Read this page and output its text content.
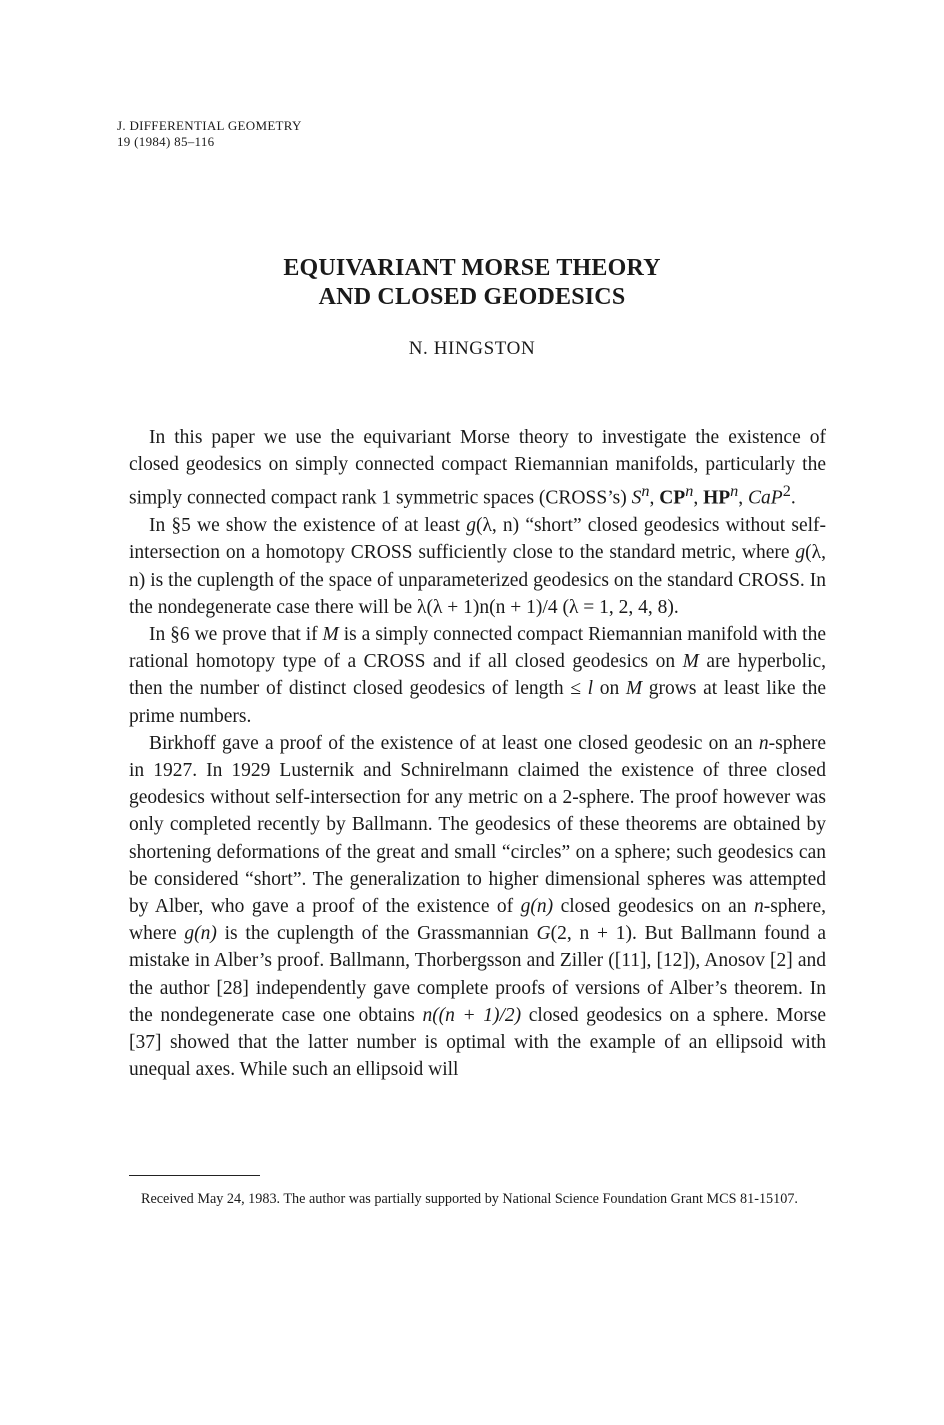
J. DIFFERENTIAL GEOMETRY
19 (1984) 85–116
EQUIVARIANT MORSE THEORY
AND CLOSED GEODESICS
N. HINGSTON

In this paper we use the equivariant Morse theory to investigate the existence of closed geodesics on simply connected compact Riemannian manifolds, particularly the simply connected compact rank 1 symmetric spaces (CROSS’s) $S^n$, $CP^n$, $HP^n$, CaP$^2$.

In §5 we show the existence of at least g(λ, n) “short” closed geodesics without self-intersection on a homotopy CROSS sufficiently close to the standard metric, where g(λ, n) is the cuplength of the space of unparameterized geodesics on the standard CROSS. In the nondegenerate case there will be λ(λ + 1)n(n + 1)/4 (λ = 1, 2, 4, 8).

In §6 we prove that if M is a simply connected compact Riemannian manifold with the rational homotopy type of a CROSS and if all closed geodesics on M are hyperbolic, then the number of distinct closed geodesics of length ≤ l on M grows at least like the prime numbers.

Birkhoff gave a proof of the existence of at least one closed geodesic on an n-sphere in 1927. In 1929 Lusternik and Schnirelmann claimed the existence of three closed geodesics without self-intersection for any metric on a 2-sphere. The proof however was only completed recently by Ballmann. The geodesics of these theorems are obtained by shortening deformations of the great and small “circles” on a sphere; such geodesics can be considered “short”. The generalization to higher dimensional spheres was attempted by Alber, who gave a proof of the existence of g(n) closed geodesics on an n-sphere, where g(n) is the cuplength of the Grassmannian G(2, n + 1). But Ballmann found a mistake in Alber’s proof. Ballmann, Thorbergsson and Ziller ([11], [12]), Anosov [2] and the author [28] independently gave complete proofs of versions of Alber’s theorem. In the nondegenerate case one obtains n((n + 1)/2) closed geodesics on a sphere. Morse [37] showed that the latter number is optimal with the example of an ellipsoid with unequal axes. While such an ellipsoid will

Received May 24, 1983. The author was partially supported by National Science Foundation Grant MCS 81-15107.
